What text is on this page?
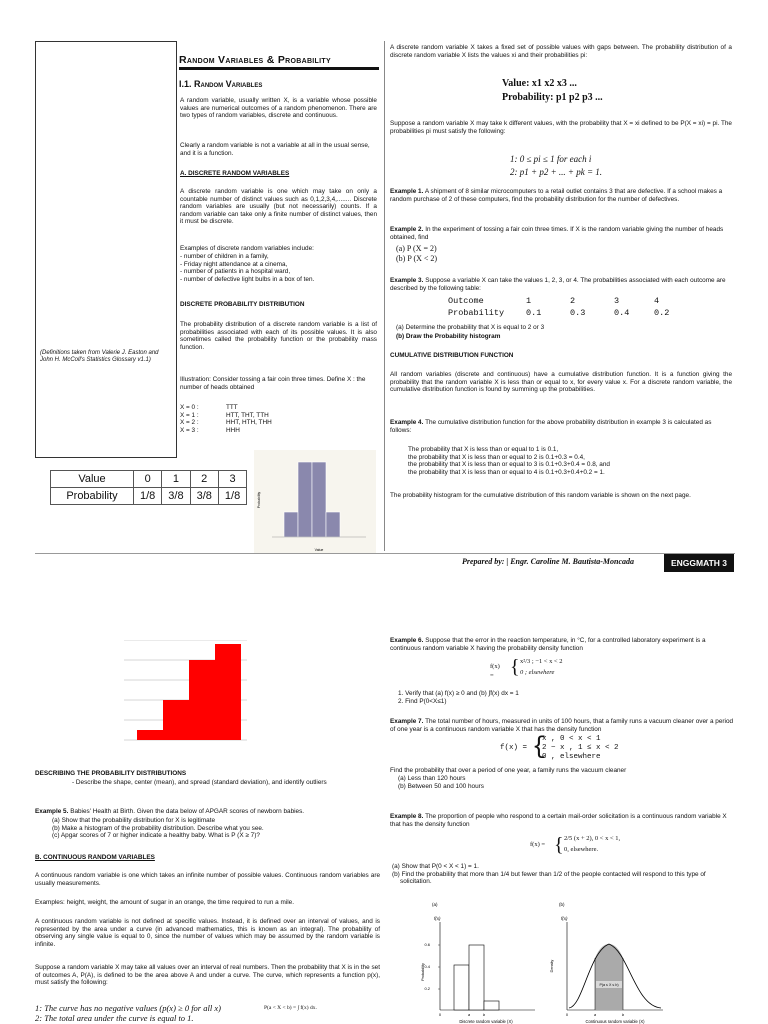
(Definitions taken from Valerie J. Easton and John H. McColl's Statistics Glossary v1.1)
Random Variables & Probability
I.1. Random Variables
A random variable, usually written X, is a variable whose possible values are numerical outcomes of a random phenomenon. There are two types of random variables, discrete and continuous.
Clearly a random variable is not a variable at all in the usual sense, and it is a function.
A. DISCRETE RANDOM VARIABLES
A discrete random variable is one which may take on only a countable number of distinct values such as 0,1,2,3,4,........ Discrete random variables are usually (but not necessarily) counts. If a random variable can take only a finite number of distinct values, then it must be discrete.
Examples of discrete random variables include:
- number of children in a family,
- Friday night attendance at a cinema,
- number of patients in a hospital ward,
- number of defective light bulbs in a box of ten.
DISCRETE PROBABILITY DISTRIBUTION
The probability distribution of a discrete random variable is a list of probabilities associated with each of its possible values. It is also sometimes called the probability function or the probability mass function.
Illustration: Consider tossing a fair coin three times. Define X : the number of heads obtained
X = 0 :	TTT
X = 1 :	HTT, THT, TTH
X = 2 :	HHT, HTH, THH
X = 3 :	HHH
Value	0	1	2	3
Probability	1/8	3/8	3/8	1/8	Probability
Value
A discrete random variable X takes a fixed set of possible values with gaps between. The probability distribution of a discrete random variable X lists the values xi and their probabilities pi:
Value: x1 x2 x3 ...
Probability: p1 p2 p3 ...
Suppose a random variable X may take k different values, with the probability that X = xi defined to be P(X = xi) = pi. The probabilities pi must satisfy the following:
1: 0 ≤ pi ≤ 1 for each i
2: p1 + p2 + ... + pk = 1.
Example 1. A shipment of 8 similar microcomputers to a retail outlet contains 3 that are defective. If a school makes a random purchase of 2 of these computers, find the probability distribution for the number of defectives.
Example 2. In the experiment of tossing a fair coin three times. If X is the random variable giving the number of heads obtained, find
(a) P (X = 2)
(b) P (X < 2)
Example 3. Suppose a variable X can take the values 1, 2, 3, or 4. The probabilities associated with each outcome are described by the following table:
Outcome	1	2	3	4
Probability	0.1	0.3	0.4	0.2
(a) Determine the probability that X is equal to 2 or 3
(b) Draw the Probability histogram
CUMULATIVE DISTRIBUTION FUNCTION
All random variables (discrete and continuous) have a cumulative distribution function. It is a function giving the probability that the random variable X is less than or equal to x, for every value x. For a discrete random variable, the cumulative distribution function is found by summing up the probabilities.
Example 4. The cumulative distribution function for the above probability distribution in example 3 is calculated as follows:
The probability that X is less than or equal to 1 is 0.1,
the probability that X is less than or equal to 2 is 0.1+0.3 = 0.4,
the probability that X is less than or equal to 3 is 0.1+0.3+0.4 = 0.8, and
the probability that X is less than or equal to 4 is 0.1+0.3+0.4+0.2 = 1.
The probability histogram for the cumulative distribution of this random variable is shown on the next page.
Prepared by: | Engr. Caroline M. Bautista-Moncada	ENGGMATH 3
DESCRIBING THE PROBABILITY DISTRIBUTIONS
- Describe the shape, center (mean), and spread (standard deviation), and identify outliers
Example 5. Babies' Health at Birth. Given the data below of APGAR scores of newborn babies.
(a) Show that the probability distribution for X is legitimate
(b) Make a histogram of the probability distribution. Describe what you see.
(c) Apgar scores of 7 or higher indicate a healthy baby. What is P (X ≥ 7)?
B. CONTINUOUS RANDOM VARIABLES
A continuous random variable is one which takes an infinite number of possible values. Continuous random variables are usually measurements.
Examples: height, weight, the amount of sugar in an orange, the time required to run a mile.
A continuous random variable is not defined at specific values. Instead, it is defined over an interval of values, and is represented by the area under a curve (in advanced mathematics, this is known as an integral). The probability of observing any single value is equal to 0, since the number of values which may be assumed by the random variable is infinite.
Suppose a random variable X may take all values over an interval of real numbers. Then the probability that X is in the set of outcomes A, P(A), is defined to be the area above A and under a curve. The curve, which represents a function p(x), must satisfy the following:
1: The curve has no negative values (p(x) ≥ 0 for all x)
2: The total area under the curve is equal to 1.
P(a < X < b) = ∫ f(x) dx.
Example 6. Suppose that the error in the reaction temperature, in °C, for a controlled laboratory experiment is a continuous random variable X having the probability density function
f(x) = { x²/3 ; −1 < x < 2
0 ; elsewhere
1. Verify that (a) f(x) ≥ 0 and (b) ∫f(x) dx = 1
2. Find P(0<X≤1)
Example 7. The total number of hours, measured in units of 100 hours, that a family runs a vacuum cleaner over a period of one year is a continuous random variable X that has the density function
f(x) = {
x , 0 < x < 1
2 − x , 1 ≤ x < 2
0 , elsewhere
Find the probability that over a period of one year, a family runs the vacuum cleaner
(a) Less than 120 hours
(b) Between 50 and 100 hours
Example 8. The proportion of people who respond to a certain mail-order solicitation is a continuous random variable X that has the density function
f(x) = { 2/5 (x + 2), 0 < x < 1,
0, elsewhere.
(a) Show that P(0 < X < 1) = 1.
(b) Find the probability that more than 1/4 but fewer than 1/2 of the people contacted will respond to this type of solicitation.
(a)
f(x)
0.6
0.4
0.2
Probability
0	a	b
Discrete random variable (X)
(b)
f(x)
Density
P(a ≤ X ≤ b)
0	a	b
Continuous random variable (X)
